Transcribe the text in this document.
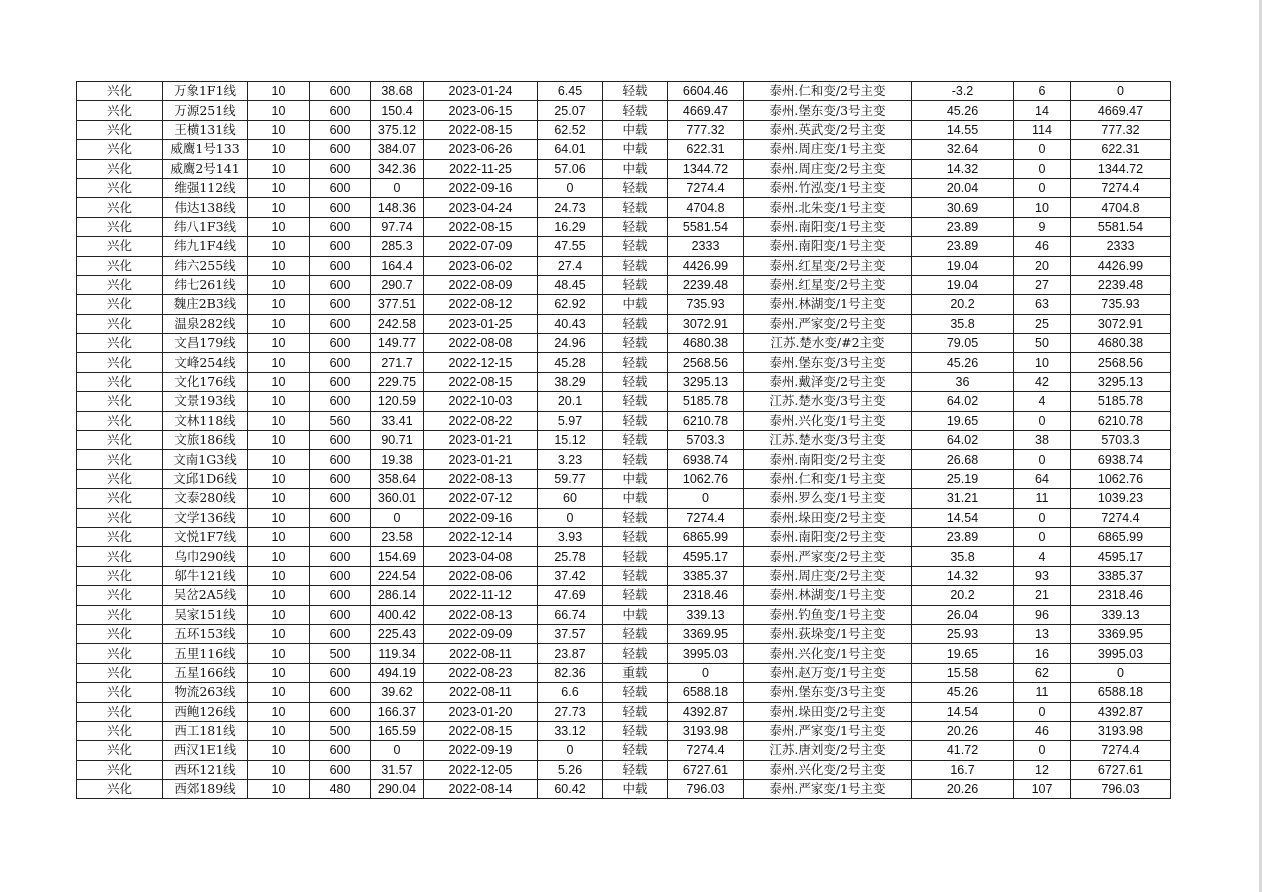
兴化	万象1F1线	10	600	38.68	2023-01-24	6.45	轻载	6604.46	泰州.仁和变/2号主变	-3.2	6	0
兴化	万源251线	10	600	150.4	2023-06-15	25.07	轻载	4669.47	泰州.堡东变/3号主变	45.26	14	4669.47
兴化	王横131线	10	600	375.12	2022-08-15	62.52	中载	777.32	泰州.英武变/2号主变	14.55	114	777.32
兴化	威鹰1号133	10	600	384.07	2023-06-26	64.01	中载	622.31	泰州.周庄变/1号主变	32.64	0	622.31
兴化	威鹰2号141	10	600	342.36	2022-11-25	57.06	中载	1344.72	泰州.周庄变/2号主变	14.32	0	1344.72
兴化	维强112线	10	600	0	2022-09-16	0	轻载	7274.4	泰州.竹泓变/1号主变	20.04	0	7274.4
兴化	伟达138线	10	600	148.36	2023-04-24	24.73	轻载	4704.8	泰州.北朱变/1号主变	30.69	10	4704.8
兴化	纬八1F3线	10	600	97.74	2022-08-15	16.29	轻载	5581.54	泰州.南阳变/1号主变	23.89	9	5581.54
兴化	纬九1F4线	10	600	285.3	2022-07-09	47.55	轻载	2333	泰州.南阳变/1号主变	23.89	46	2333
兴化	纬六255线	10	600	164.4	2023-06-02	27.4	轻载	4426.99	泰州.红星变/2号主变	19.04	20	4426.99
兴化	纬七261线	10	600	290.7	2022-08-09	48.45	轻载	2239.48	泰州.红星变/2号主变	19.04	27	2239.48
兴化	魏庄2B3线	10	600	377.51	2022-08-12	62.92	中载	735.93	泰州.林湖变/1号主变	20.2	63	735.93
兴化	温泉282线	10	600	242.58	2023-01-25	40.43	轻载	3072.91	泰州.严家变/2号主变	35.8	25	3072.91
兴化	文昌179线	10	600	149.77	2022-08-08	24.96	轻载	4680.38	江苏.楚水变/#2主变	79.05	50	4680.38
兴化	文峰254线	10	600	271.7	2022-12-15	45.28	轻载	2568.56	泰州.堡东变/3号主变	45.26	10	2568.56
兴化	文化176线	10	600	229.75	2022-08-15	38.29	轻载	3295.13	泰州.戴泽变/2号主变	36	42	3295.13
兴化	文景193线	10	600	120.59	2022-10-03	20.1	轻载	5185.78	江苏.楚水变/3号主变	64.02	4	5185.78
兴化	文林118线	10	560	33.41	2022-08-22	5.97	轻载	6210.78	泰州.兴化变/1号主变	19.65	0	6210.78
兴化	文旅186线	10	600	90.71	2023-01-21	15.12	轻载	5703.3	江苏.楚水变/3号主变	64.02	38	5703.3
兴化	文南1G3线	10	600	19.38	2023-01-21	3.23	轻载	6938.74	泰州.南阳变/2号主变	26.68	0	6938.74
兴化	文邱1D6线	10	600	358.64	2022-08-13	59.77	中载	1062.76	泰州.仁和变/1号主变	25.19	64	1062.76
兴化	文泰280线	10	600	360.01	2022-07-12	60	中载	0	泰州.罗么变/1号主变	31.21	11	1039.23
兴化	文学136线	10	600	0	2022-09-16	0	轻载	7274.4	泰州.垛田变/2号主变	14.54	0	7274.4
兴化	文悦1F7线	10	600	23.58	2022-12-14	3.93	轻载	6865.99	泰州.南阳变/2号主变	23.89	0	6865.99
兴化	乌巾290线	10	600	154.69	2023-04-08	25.78	轻载	4595.17	泰州.严家变/2号主变	35.8	4	4595.17
兴化	邬牛121线	10	600	224.54	2022-08-06	37.42	轻载	3385.37	泰州.周庄变/2号主变	14.32	93	3385.37
兴化	吴岔2A5线	10	600	286.14	2022-11-12	47.69	轻载	2318.46	泰州.林湖变/1号主变	20.2	21	2318.46
兴化	吴家151线	10	600	400.42	2022-08-13	66.74	中载	339.13	泰州.钓鱼变/1号主变	26.04	96	339.13
兴化	五环153线	10	600	225.43	2022-09-09	37.57	轻载	3369.95	泰州.荻垛变/1号主变	25.93	13	3369.95
兴化	五里116线	10	500	119.34	2022-08-11	23.87	轻载	3995.03	泰州.兴化变/1号主变	19.65	16	3995.03
兴化	五星166线	10	600	494.19	2022-08-23	82.36	重载	0	泰州.赵万变/1号主变	15.58	62	0
兴化	物流263线	10	600	39.62	2022-08-11	6.6	轻载	6588.18	泰州.堡东变/3号主变	45.26	11	6588.18
兴化	西鲍126线	10	600	166.37	2023-01-20	27.73	轻载	4392.87	泰州.垛田变/2号主变	14.54	0	4392.87
兴化	西工181线	10	500	165.59	2022-08-15	33.12	轻载	3193.98	泰州.严家变/1号主变	20.26	46	3193.98
兴化	西汉1E1线	10	600	0	2022-09-19	0	轻载	7274.4	江苏.唐刘变/2号主变	41.72	0	7274.4
兴化	西环121线	10	600	31.57	2022-12-05	5.26	轻载	6727.61	泰州.兴化变/2号主变	16.7	12	6727.61
兴化	西郊189线	10	480	290.04	2022-08-14	60.42	中载	796.03	泰州.严家变/1号主变	20.26	107	796.03
